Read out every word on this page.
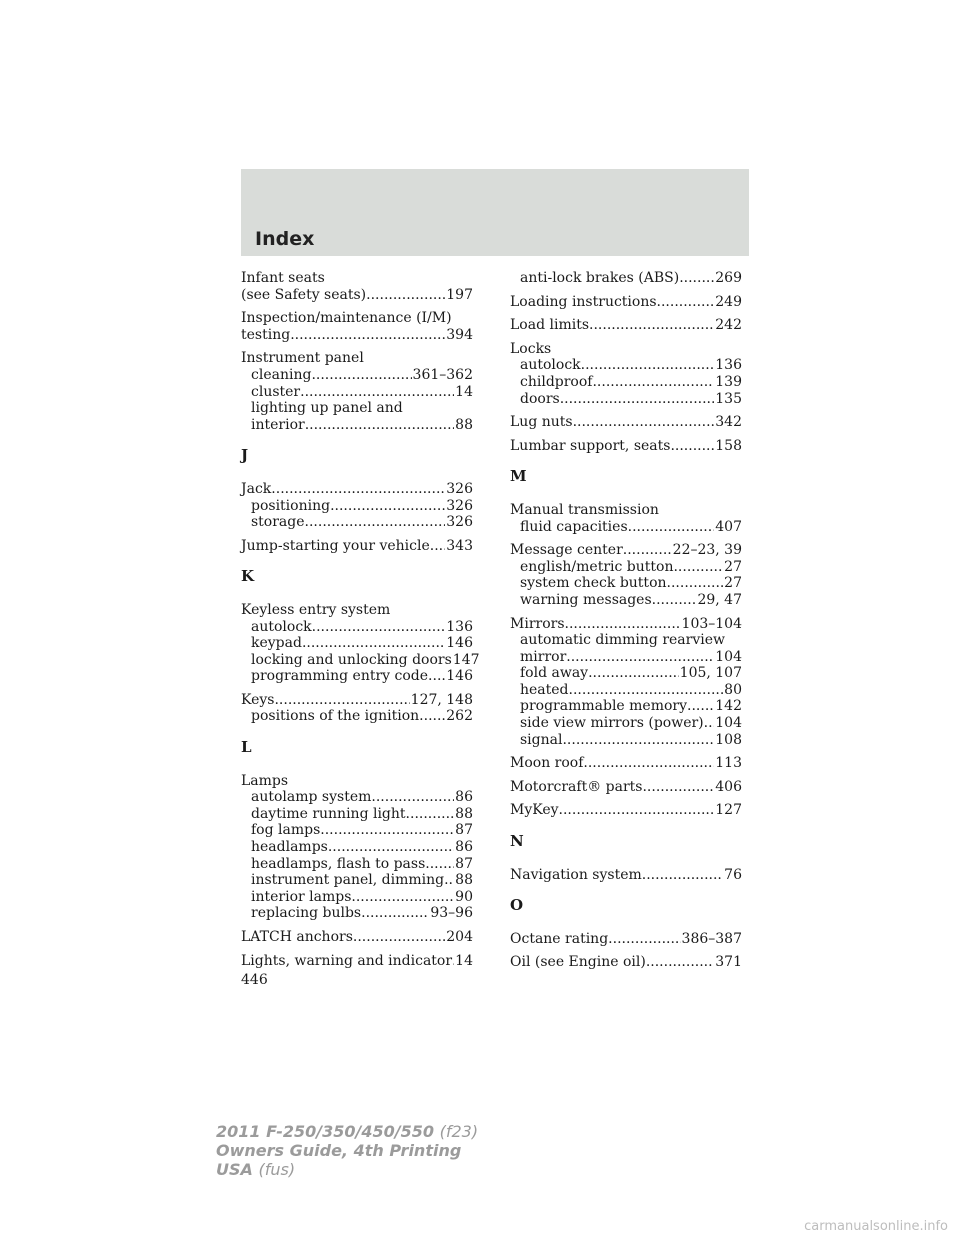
Index
Infant seats
(see Safety seats) .....	197
Inspection/maintenance (I/M)
testing .....	394
Instrument panel
cleaning .....	361–362
cluster .....	14
lighting up panel and
interior .....	88
J
Jack .....	326
positioning .....	326
storage .....	326
Jump-starting your vehicle ..... 343
K
Keyless entry system
autolock .....	136
keypad .....	146
locking and unlocking doors 147
programming entry code ..... 146
Keys .....	127, 148
positions of the ignition ..... 262
L
Lamps
autolamp system .....	86
daytime running light .....	88
fog lamps .....	87
headlamps .....	86
headlamps, flash to pass ..... 87
instrument panel, dimming ..... 88
interior lamps .....	90
replacing bulbs .....	93–96
LATCH anchors .....	204
Lights, warning and indicator ..... 14
anti-lock brakes (ABS) .....	269
Loading instructions .....	249
Load limits .....	242
Locks
autolock .....	136
childproof .....	139
doors .....	135
Lug nuts .....	342
Lumbar support, seats .....	158
M
Manual transmission
fluid capacities .....	407
Message center .....	22–23, 39
english/metric button .....	27
system check button .....	27
warning messages .....	29, 47
Mirrors .....	103–104
automatic dimming rearview
mirror .....	104
fold away .....	105, 107
heated .....	80
programmable memory ..... 142
side view mirrors (power) ..... 104
signal .....	108
Moon roof .....	113
Motorcraft® parts .....	406
MyKey .....	127
N
Navigation system .....	76
O
Octane rating .....	386–387
Oil (see Engine oil) .....	371
446
2011 F-250/350/450/550 (f23)
Owners Guide, 4th Printing
USA (fus)
carmanualsonline.info
